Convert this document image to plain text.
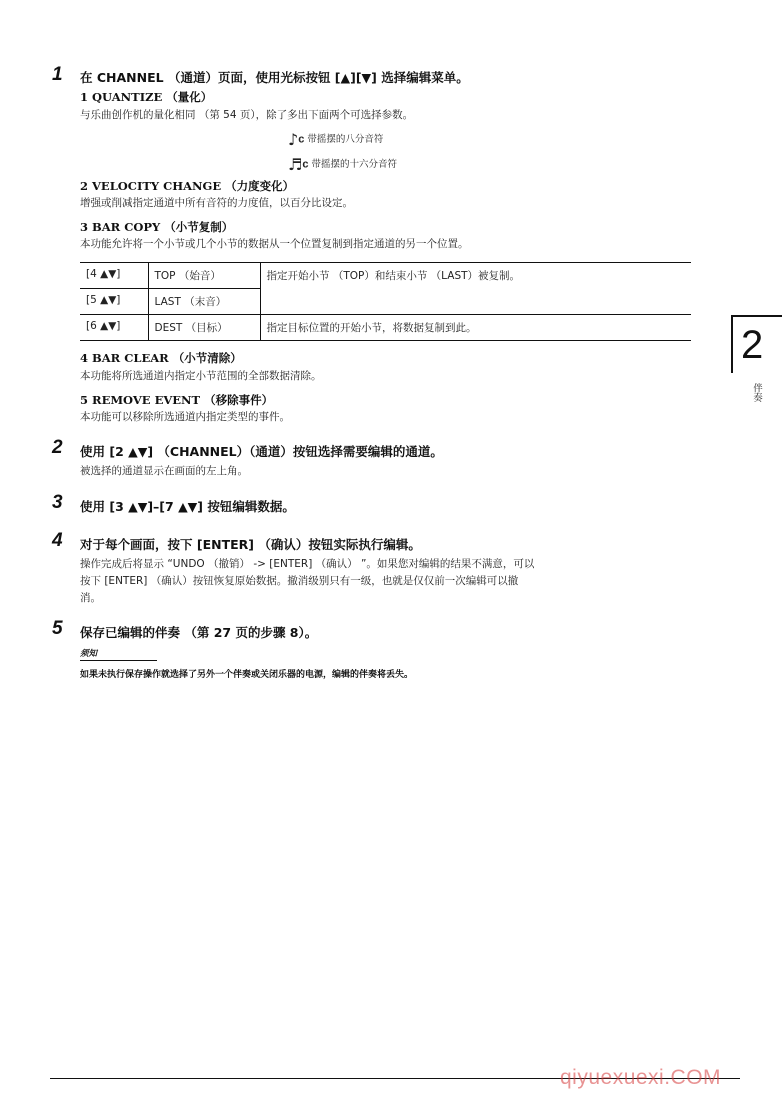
1 在 CHANNEL （通道）页面，使用光标按钮 [▲][▼] 选择编辑菜单。
1 QUANTIZE （量化）
与乐曲创作机的量化相同 （第 54 页），除了多出下面两个可选择参数。
♪c 带摇摆的八分音符
♬c 带摇摆的十六分音符
2 VELOCITY CHANGE （力度变化）
增强或削减指定通道中所有音符的力度值，以百分比设定。
3 BAR COPY （小节复制）
本功能允许将一个小节或几个小节的数据从一个位置复制到指定通道的另一个位置。
[4 ▲▼]	TOP （始音）	指定开始小节 （TOP）和结束小节 （LAST）被复制。
[5 ▲▼]	LAST （末音）	
[6 ▲▼]	DEST （目标）	指定目标位置的开始小节，将数据复制到此。
4 BAR CLEAR （小节清除）
本功能将所选通道内指定小节范围的全部数据清除。
5 REMOVE EVENT （移除事件）
本功能可以移除所选通道内指定类型的事件。
2 使用 [2 ▲▼] （CHANNEL）（通道）按钮选择需要编辑的通道。
被选择的通道显示在画面的左上角。
3 使用 [3 ▲▼]–[7 ▲▼] 按钮编辑数据。
4 对于每个画面，按下 [ENTER] （确认）按钮实际执行编辑。
操作完成后将显示 “UNDO （撤销） -> [ENTER] （确认） ”。如果您对编辑的结果不满意，可以
按下 [ENTER] （确认）按钮恢复原始数据。撤消级别只有一级，也就是仅仅前一次编辑可以撤
消。
5 保存已编辑的伴奏 （第 27 页的步骤 8）。
须知
如果未执行保存操作就选择了另外一个伴奏或关闭乐器的电源，编辑的伴奏将丢失。
2
伴奏
qiyuexuexi.COM
